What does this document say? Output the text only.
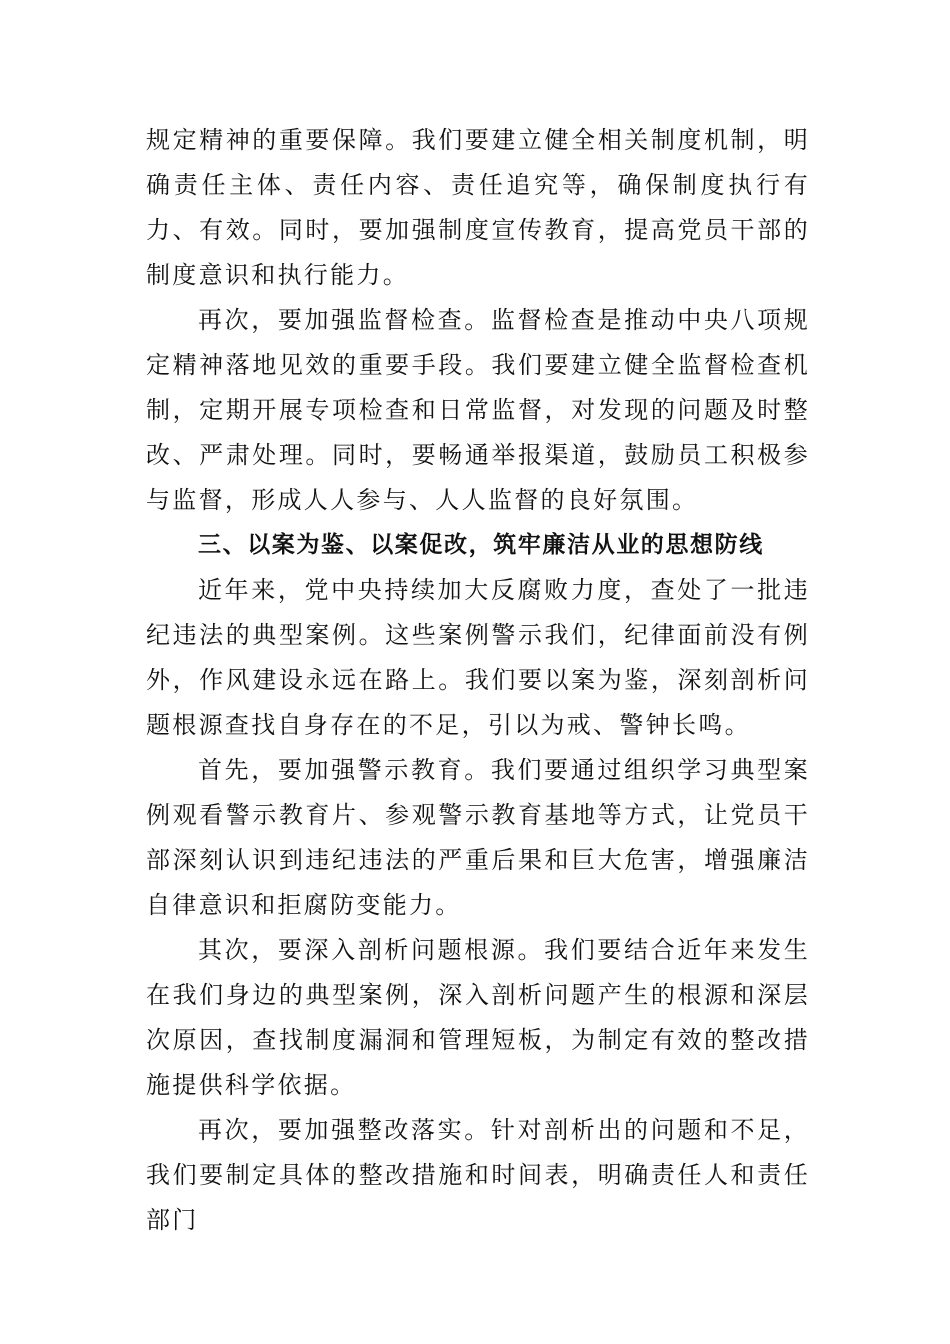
规定精神的重要保障。我们要建立健全相关制度机制，明确责任主体、责任内容、责任追究等，确保制度执行有力、有效。同时，要加强制度宣传教育，提高党员干部的制度意识和执行能力。

再次，要加强监督检查。监督检查是推动中央八项规定精神落地见效的重要手段。我们要建立健全监督检查机制，定期开展专项检查和日常监督，对发现的问题及时整改、严肃处理。同时，要畅通举报渠道，鼓励员工积极参与监督，形成人人参与、人人监督的良好氛围。

三、以案为鉴、以案促改，筑牢廉洁从业的思想防线

近年来，党中央持续加大反腐败力度，查处了一批违纪违法的典型案例。这些案例警示我们，纪律面前没有例外，作风建设永远在路上。我们要以案为鉴，深刻剖析问题根源查找自身存在的不足，引以为戒、警钟长鸣。

首先，要加强警示教育。我们要通过组织学习典型案例观看警示教育片、参观警示教育基地等方式，让党员干部深刻认识到违纪违法的严重后果和巨大危害，增强廉洁自律意识和拒腐防变能力。

其次，要深入剖析问题根源。我们要结合近年来发生在我们身边的典型案例，深入剖析问题产生的根源和深层次原因，查找制度漏洞和管理短板，为制定有效的整改措施提供科学依据。

再次，要加强整改落实。针对剖析出的问题和不足，我们要制定具体的整改措施和时间表，明确责任人和责任部门
